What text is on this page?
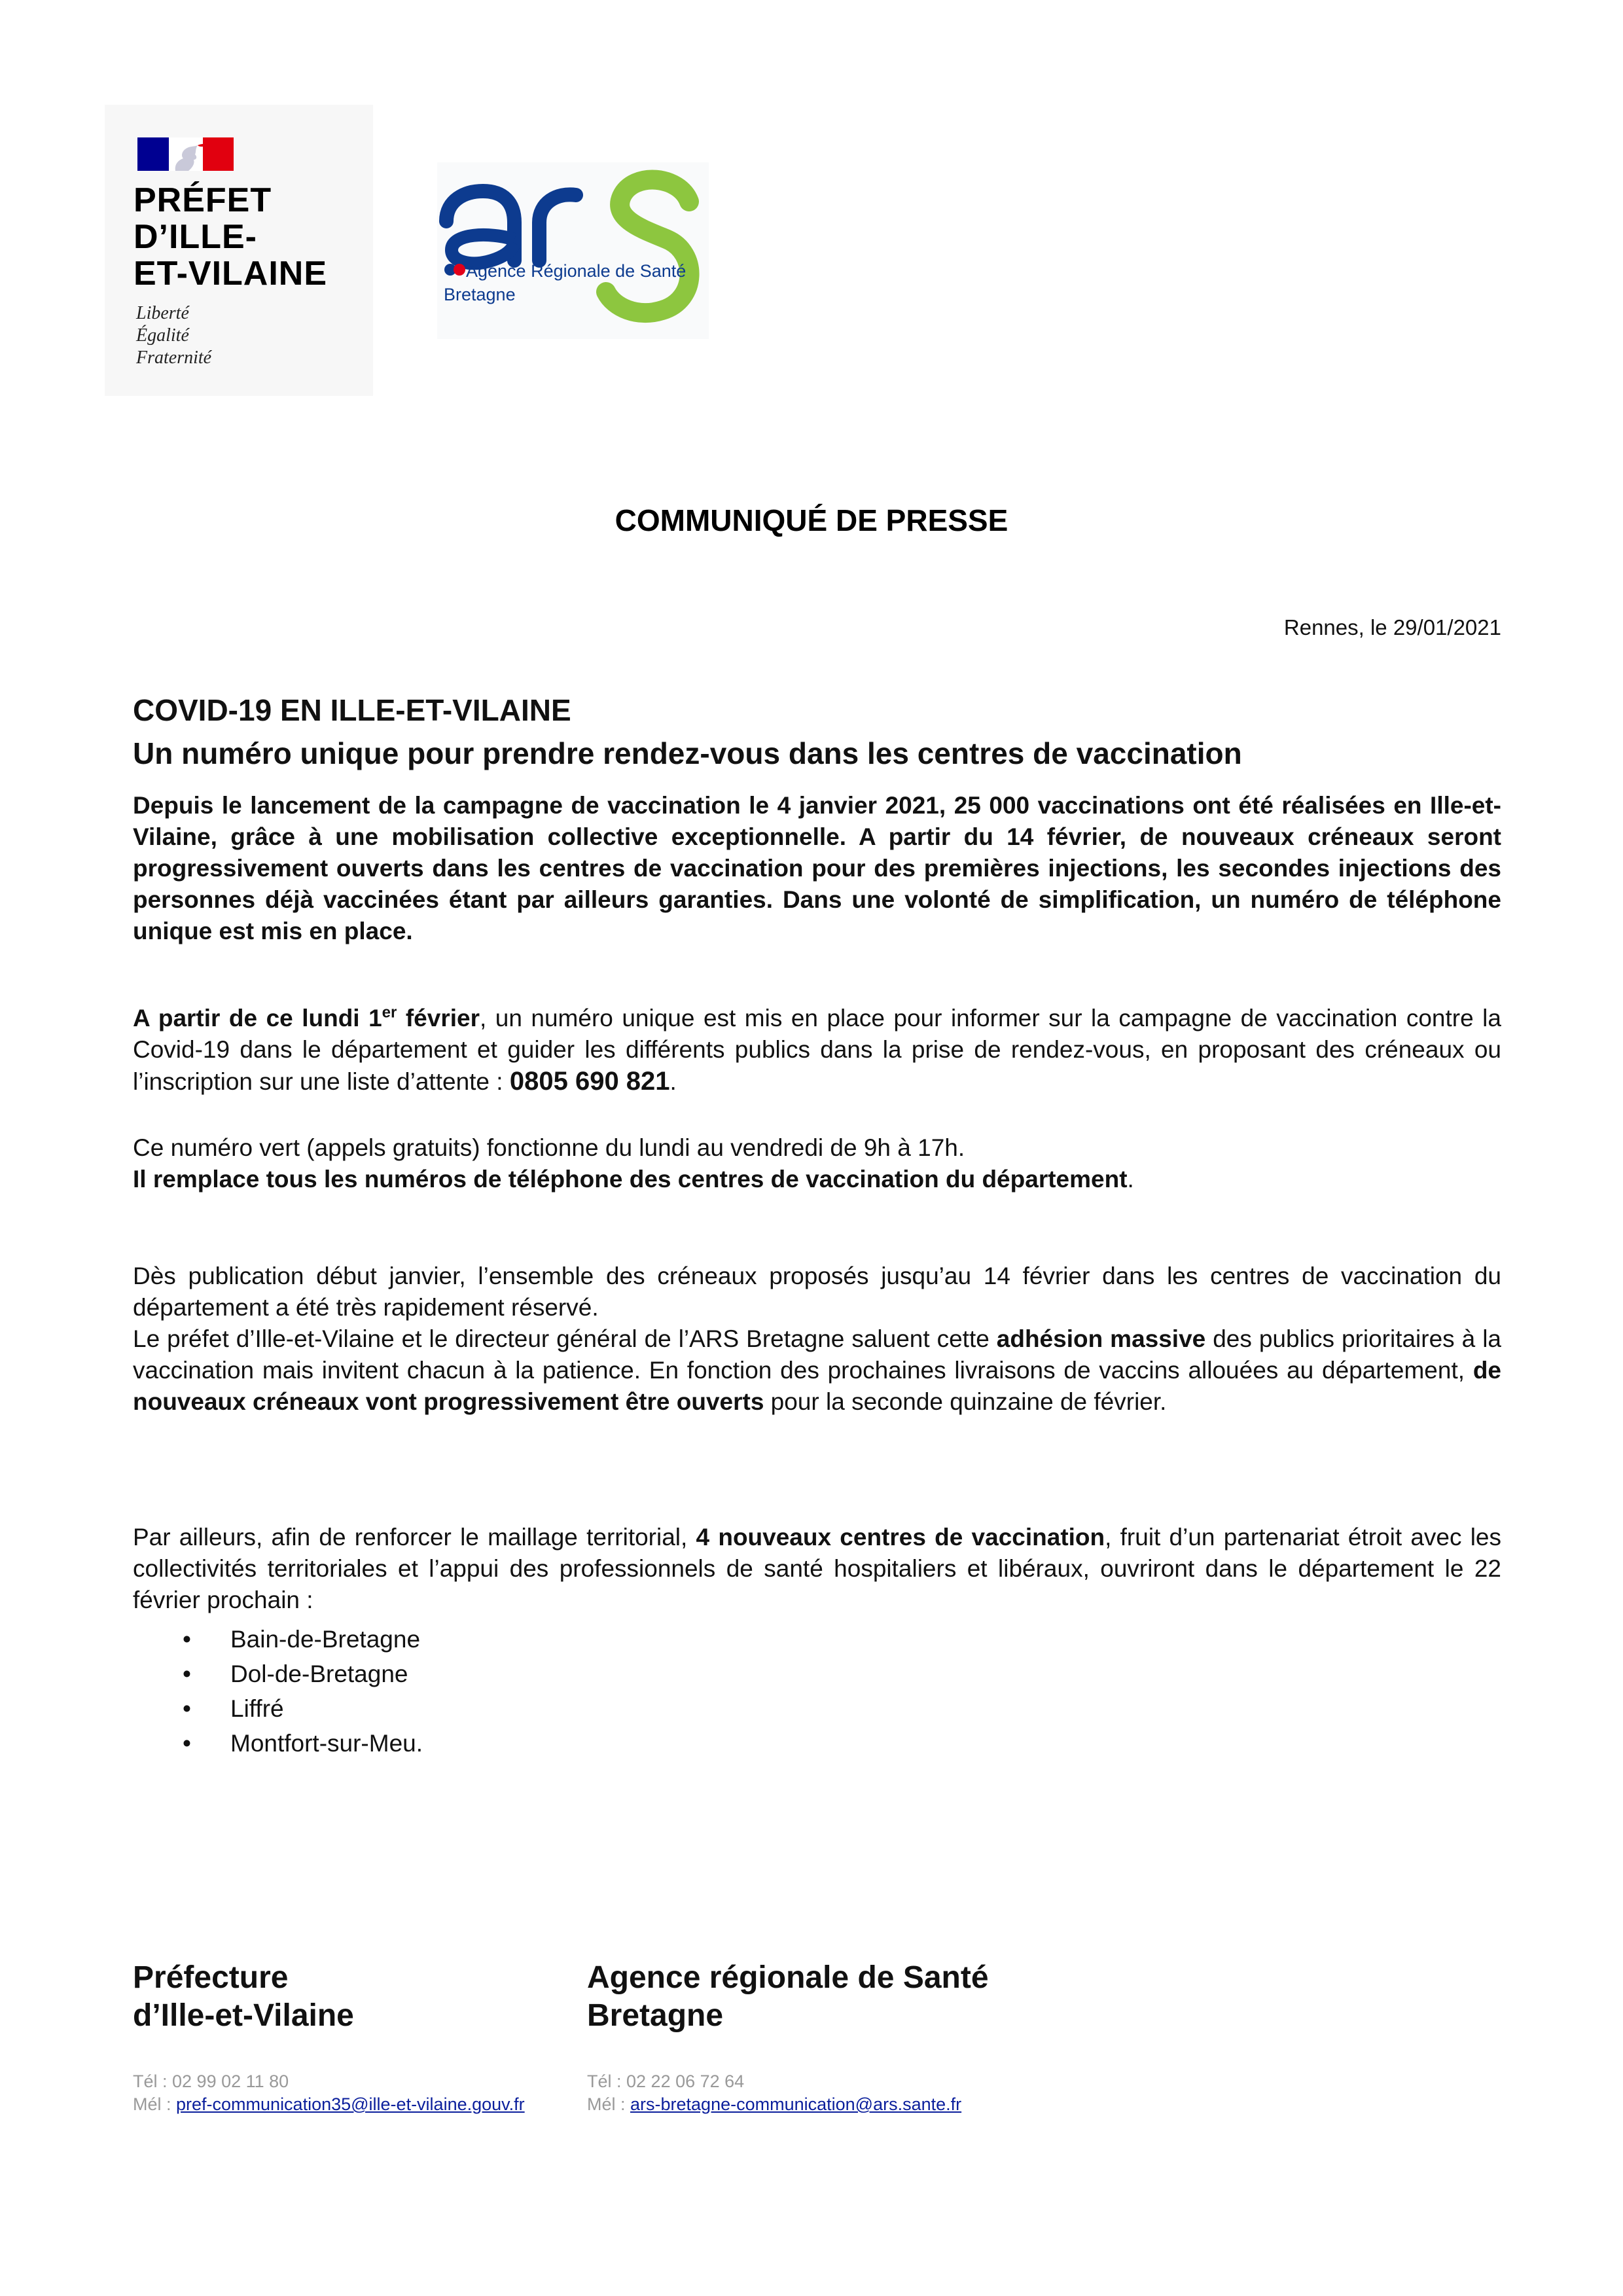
PRÉFET
D’ILLE-
ET-VILAINE
Liberté
Égalité
Fraternité
Agence Régionale de Santé
Bretagne
COMMUNIQUÉ DE PRESSE
Rennes, le 29/01/2021
COVID-19 EN ILLE-ET-VILAINE
Un numéro unique pour prendre rendez-vous dans les centres de vaccination

Depuis le lancement de la campagne de vaccination le 4 janvier 2021, 25 000 vaccinations ont été réalisées en Ille-et-Vilaine, grâce à une mobilisation collective exceptionnelle. A partir du 14 février, de nouveaux créneaux seront progressivement ouverts dans les centres de vaccination pour des premières injections, les secondes injections des personnes déjà vaccinées étant par ailleurs garanties. Dans une volonté de simplification, un numéro de téléphone unique est mis en place.

A partir de ce lundi 1er février, un numéro unique est mis en place pour informer sur la campagne de vaccination contre la Covid-19 dans le département et guider les différents publics dans la prise de rendez-vous, en proposant des créneaux ou l’inscription sur une liste d’attente : 0805 690 821.

Ce numéro vert (appels gratuits) fonctionne du lundi au vendredi de 9h à 17h.
Il remplace tous les numéros de téléphone des centres de vaccination du département.

Dès publication début janvier, l’ensemble des créneaux proposés jusqu’au 14 février dans les centres de vaccination du département a été très rapidement réservé.
Le préfet d’Ille-et-Vilaine et le directeur général de l’ARS Bretagne saluent cette adhésion massive des publics prioritaires à la vaccination mais invitent chacun à la patience. En fonction des prochaines livraisons de vaccins allouées au département, de nouveaux créneaux vont progressivement être ouverts pour la seconde quinzaine de février.

Par ailleurs, afin de renforcer le maillage territorial, 4 nouveaux centres de vaccination, fruit d’un partenariat étroit avec les collectivités territoriales et l’appui des professionnels de santé hospitaliers et libéraux, ouvriront dans le département le 22 février prochain :

• Bain-de-Bretagne
• Dol-de-Bretagne
• Liffré
• Montfort-sur-Meu.
Préfecture
d’Ille-et-Vilaine
Agence régionale de Santé
Bretagne
Tél : 02 99 02 11 80
Mél : pref-communication35@ille-et-vilaine.gouv.fr
Tél : 02 22 06 72 64
Mél : ars-bretagne-communication@ars.sante.fr
